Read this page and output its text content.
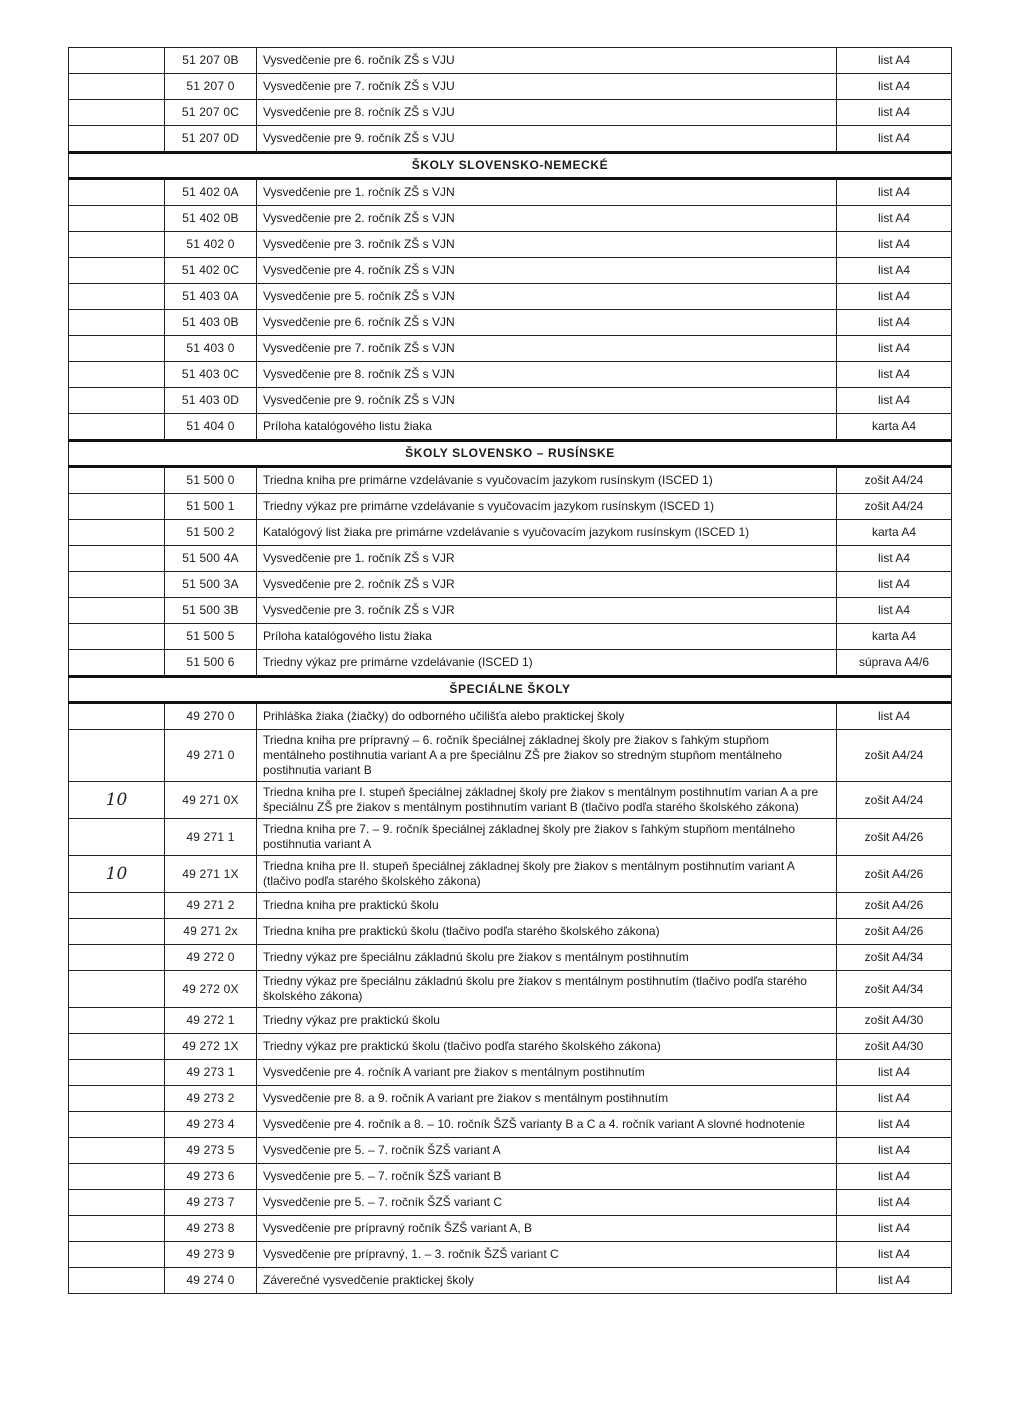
	51 207 0B	Vysvedčenie pre 6. ročník ZŠ s VJU	list A4
	51 207 0	Vysvedčenie pre 7. ročník ZŠ s VJU	list A4
	51 207 0C	Vysvedčenie pre 8. ročník ZŠ s VJU	list A4
	51 207 0D	Vysvedčenie pre 9. ročník ZŠ s VJU	list A4
ŠKOLY SLOVENSKO-NEMECKÉ			
	51 402 0A	Vysvedčenie pre 1. ročník ZŠ s VJN	list A4
	51 402 0B	Vysvedčenie pre 2. ročník ZŠ s VJN	list A4
	51 402 0	Vysvedčenie pre 3. ročník ZŠ s VJN	list A4
	51 402 0C	Vysvedčenie pre 4. ročník ZŠ s VJN	list A4
	51 403 0A	Vysvedčenie pre 5. ročník ZŠ s VJN	list A4
	51 403 0B	Vysvedčenie pre 6. ročník ZŠ s VJN	list A4
	51 403 0	Vysvedčenie pre 7. ročník ZŠ s VJN	list A4
	51 403 0C	Vysvedčenie pre 8. ročník ZŠ s VJN	list A4
	51 403 0D	Vysvedčenie pre 9. ročník ZŠ s VJN	list A4
	51 404 0	Príloha katalógového listu žiaka	karta A4
ŠKOLY SLOVENSKO – RUSÍNSKE			
	51 500 0	Triedna kniha pre primárne vzdelávanie s vyučovacím jazykom rusínskym (ISCED 1)	zošit A4/24
	51 500 1	Triedny výkaz pre primárne vzdelávanie s vyučovacím jazykom rusínskym (ISCED 1)	zošit A4/24
	51 500 2	Katalógový list žiaka pre primárne vzdelávanie s vyučovacím jazykom rusínskym (ISCED 1)	karta A4
	51 500 4A	Vysvedčenie pre 1. ročník ZŠ s VJR	list A4
	51 500 3A	Vysvedčenie pre 2. ročník ZŠ s VJR	list A4
	51 500 3B	Vysvedčenie pre 3. ročník ZŠ s VJR	list A4
	51 500 5	Príloha katalógového listu žiaka	karta A4
	51 500 6	Triedny výkaz pre primárne vzdelávanie (ISCED 1)	súprava A4/6
ŠPECIÁLNE ŠKOLY			
	49 270 0	Prihláška žiaka (žiačky) do odborného učilišťa alebo praktickej školy	list A4
	49 271 0	Triedna kniha pre prípravný – 6. ročník špeciálnej základnej školy pre žiakov s ľahkým stupňom mentálneho postihnutia variant A a pre špeciálnu ZŠ pre žiakov so stredným stupňom mentálneho postihnutia variant B	zošit A4/24
10	49 271 0X	Triedna kniha pre I. stupeň špeciálnej základnej školy pre žiakov s mentálnym postihnutím varian A a pre špeciálnu ZŠ pre žiakov s mentálnym postihnutím variant B (tlačivo podľa starého školského zákona)	zošit A4/24
	49 271 1	Triedna kniha pre 7. – 9. ročník špeciálnej základnej školy pre žiakov s ľahkým stupňom mentálneho postihnutia variant A	zošit A4/26
10	49 271 1X	Triedna kniha pre II. stupeň špeciálnej základnej školy pre žiakov s mentálnym postihnutím variant A (tlačivo podľa starého školského zákona)	zošit A4/26
	49 271 2	Triedna kniha pre praktickú školu	zošit A4/26
	49 271 2x	Triedna kniha pre praktickú školu (tlačivo podľa starého školského zákona)	zošit A4/26
	49 272 0	Triedny výkaz pre špeciálnu základnú školu pre žiakov s mentálnym postihnutím	zošit A4/34
	49 272 0X	Triedny výkaz pre špeciálnu základnú školu pre žiakov s mentálnym postihnutím (tlačivo podľa starého školského zákona)	zošit A4/34
	49 272 1	Triedny výkaz pre praktickú školu	zošit A4/30
	49 272 1X	Triedny výkaz pre praktickú školu (tlačivo podľa starého školského zákona)	zošit A4/30
	49 273 1	Vysvedčenie pre 4. ročník A variant pre žiakov s mentálnym postihnutím	list A4
	49 273 2	Vysvedčenie pre 8. a 9. ročník A variant pre žiakov s mentálnym postihnutím	list A4
	49 273 4	Vysvedčenie pre 4. ročník a 8. – 10. ročník ŠZŠ varianty B a C a 4. ročník variant A slovné hodnotenie	list A4
	49 273 5	Vysvedčenie pre 5. – 7. ročník ŠZŠ variant A	list A4
	49 273 6	Vysvedčenie pre 5. – 7. ročník ŠZŠ variant B	list A4
	49 273 7	Vysvedčenie pre 5. – 7. ročník ŠZŠ variant C	list A4
	49 273 8	Vysvedčenie pre prípravný ročník ŠZŠ variant A, B	list A4
	49 273 9	Vysvedčenie pre prípravný, 1. – 3. ročník ŠZŠ variant C	list A4
	49 274 0	Záverečné vysvedčenie praktickej školy	list A4
